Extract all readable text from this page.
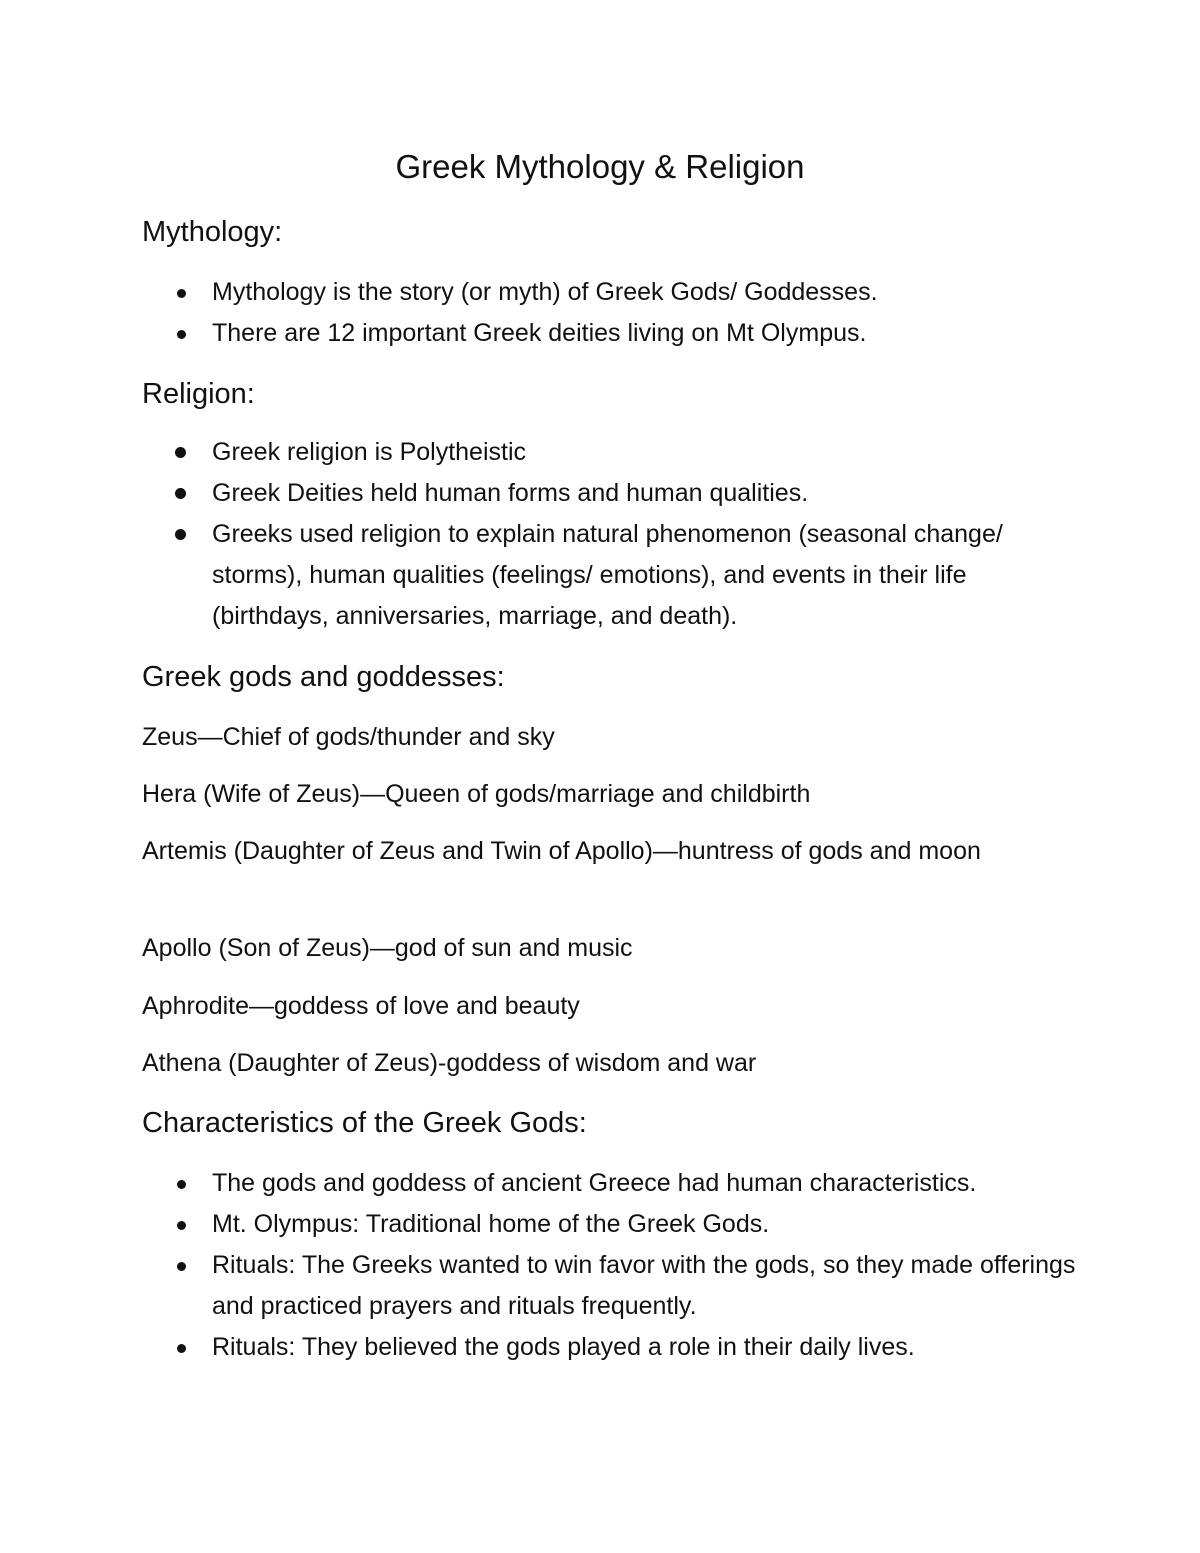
Greek Mythology & Religion
Mythology:
Mythology is the story (or myth) of Greek Gods/ Goddesses.
There are 12 important Greek deities living on Mt Olympus.
Religion:
Greek religion is Polytheistic
Greek Deities held human forms and human qualities.
Greeks used religion to explain natural phenomenon (seasonal change/ storms), human qualities (feelings/ emotions), and events in their life (birthdays, anniversaries, marriage, and death).
Greek gods and goddesses:

Zeus—Chief of gods/thunder and sky

Hera (Wife of Zeus)—Queen of gods/marriage and childbirth

Artemis (Daughter of Zeus and Twin of Apollo)—huntress of gods and moon

Apollo (Son of Zeus)—god of sun and music

Aphrodite—goddess of love and beauty

Athena (Daughter of Zeus)-goddess of wisdom and war

Characteristics of the Greek Gods:
The gods and goddess of ancient Greece had human characteristics.
Mt. Olympus: Traditional home of the Greek Gods.
Rituals: The Greeks wanted to win favor with the gods, so they made offerings and practiced prayers and rituals frequently.
Rituals: They believed the gods played a role in their daily lives.
